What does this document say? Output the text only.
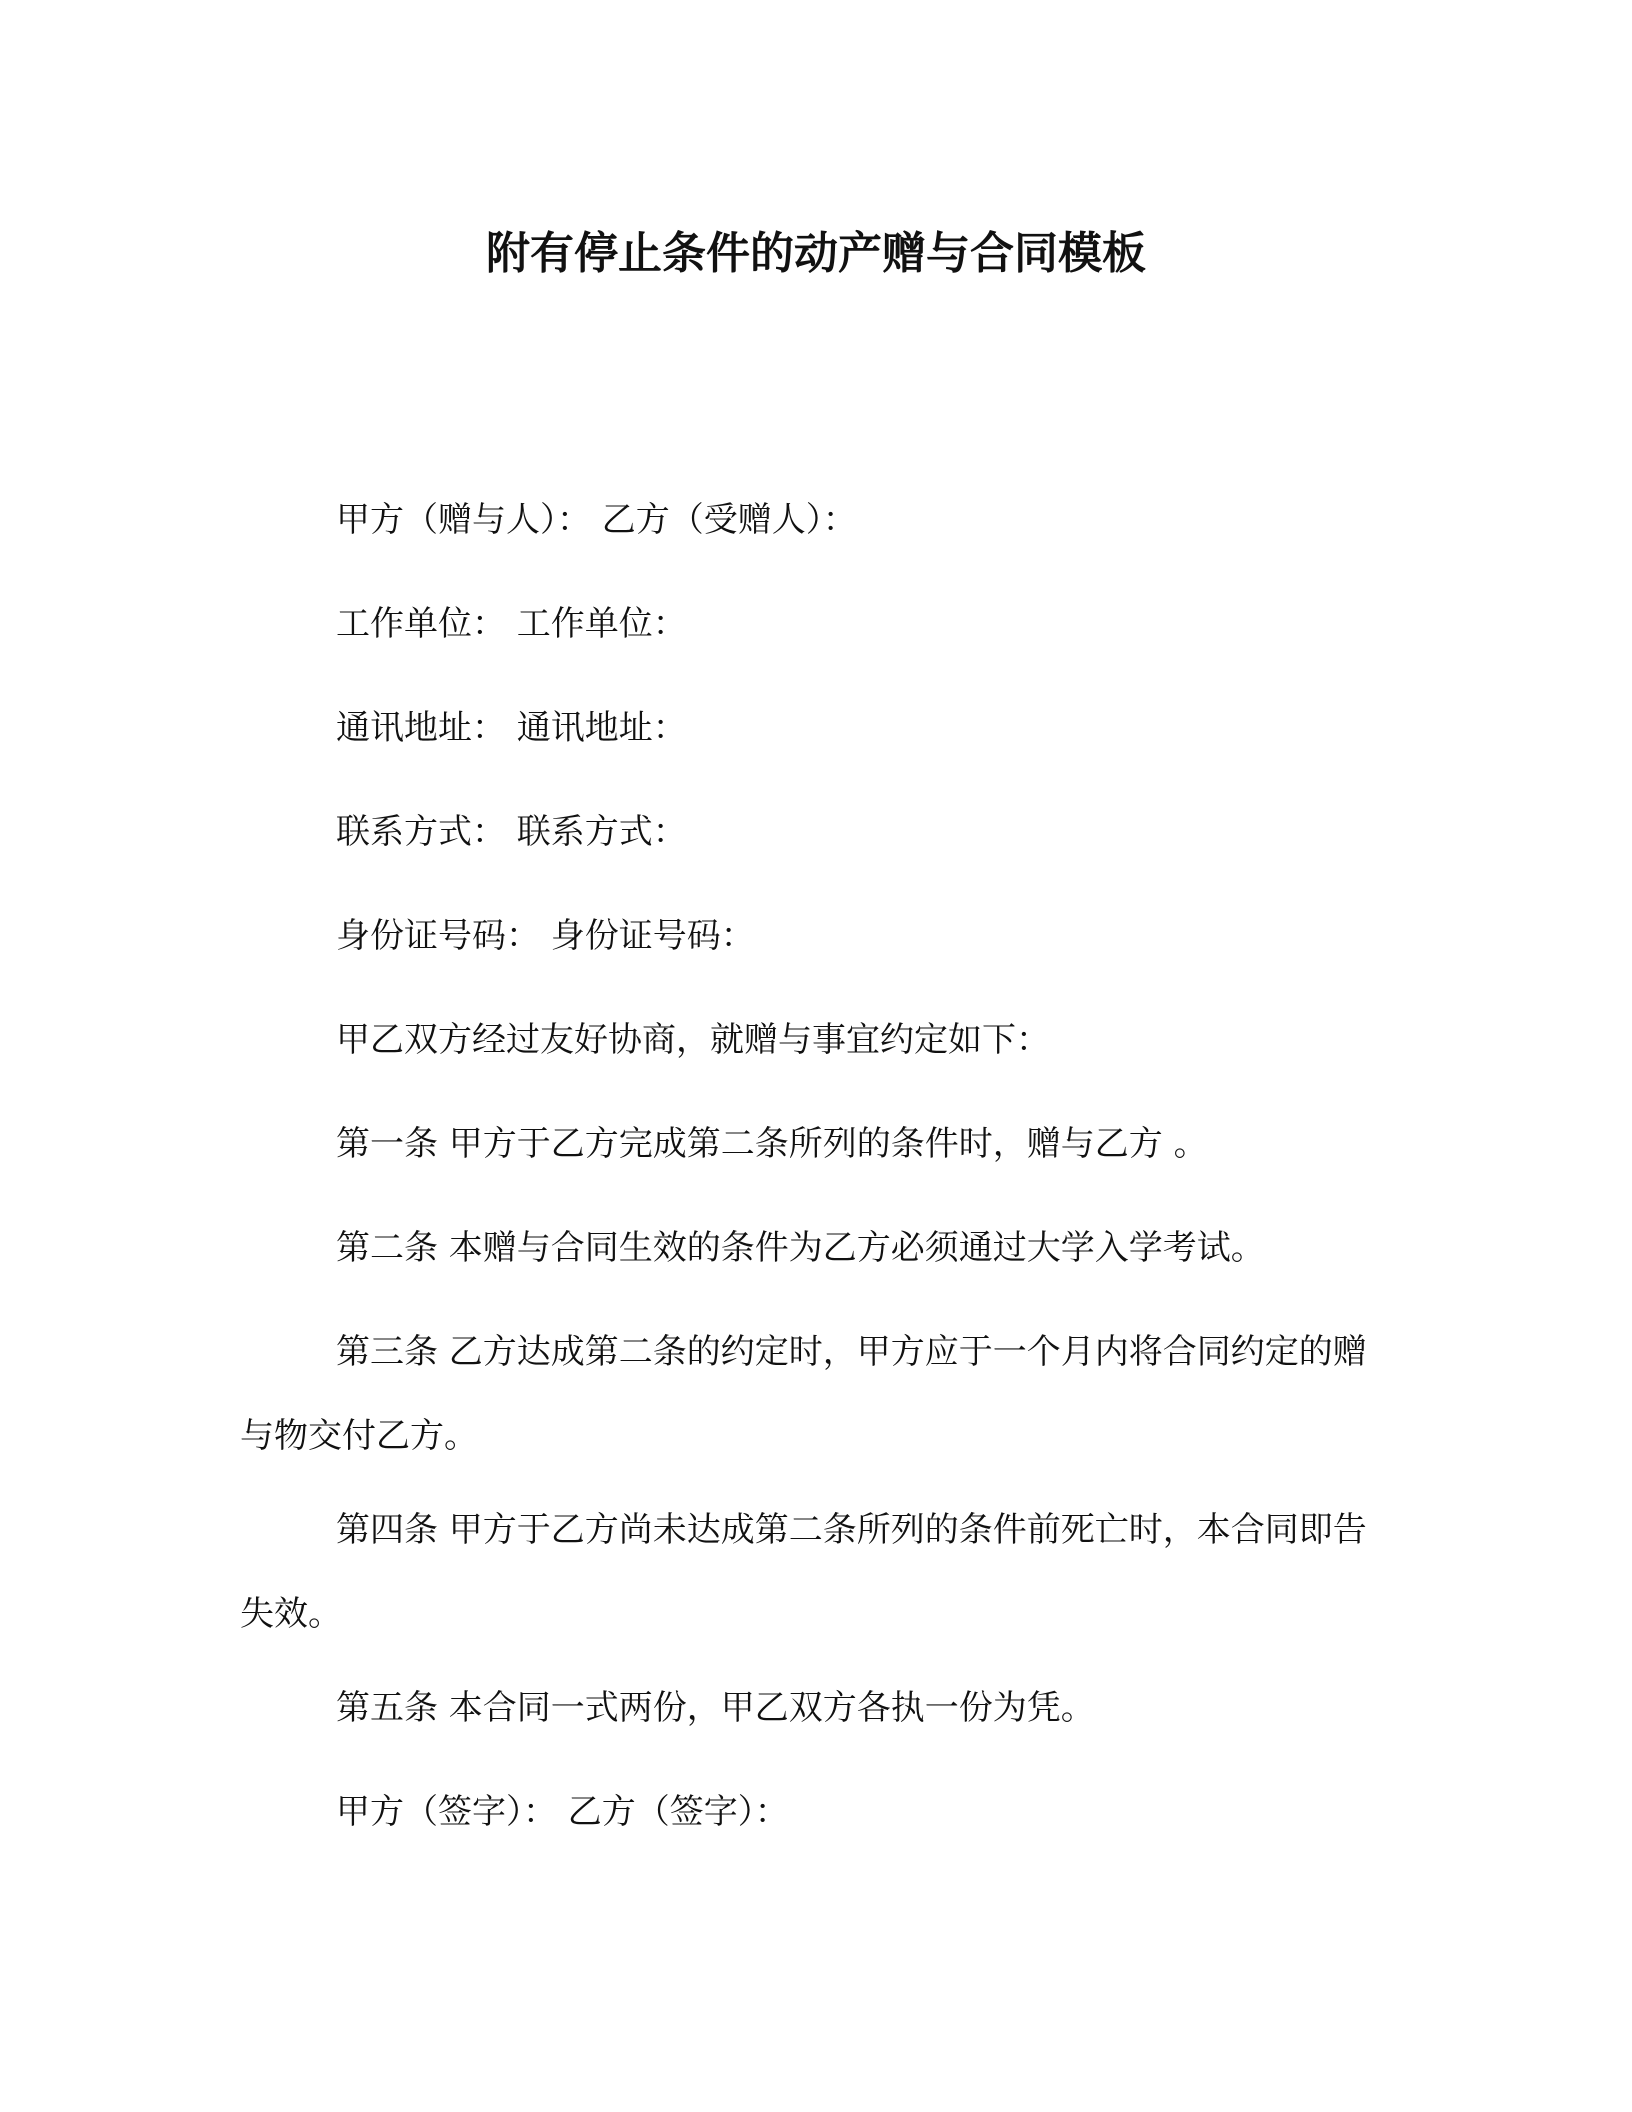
附有停止条件的动产赠与合同模板

甲方（赠与人）： 乙方（受赠人）：

工作单位： 工作单位：

通讯地址： 通讯地址：

联系方式： 联系方式：

身份证号码： 身份证号码：

甲乙双方经过友好协商，就赠与事宜约定如下：

第一条 甲方于乙方完成第二条所列的条件时，赠与乙方 。

第二条 本赠与合同生效的条件为乙方必须通过大学入学考试。

第三条 乙方达成第二条的约定时，甲方应于一个月内将合同约定的赠与物交付乙方。

第四条 甲方于乙方尚未达成第二条所列的条件前死亡时，本合同即告失效。

第五条 本合同一式两份，甲乙双方各执一份为凭。

甲方（签字）： 乙方（签字）：
